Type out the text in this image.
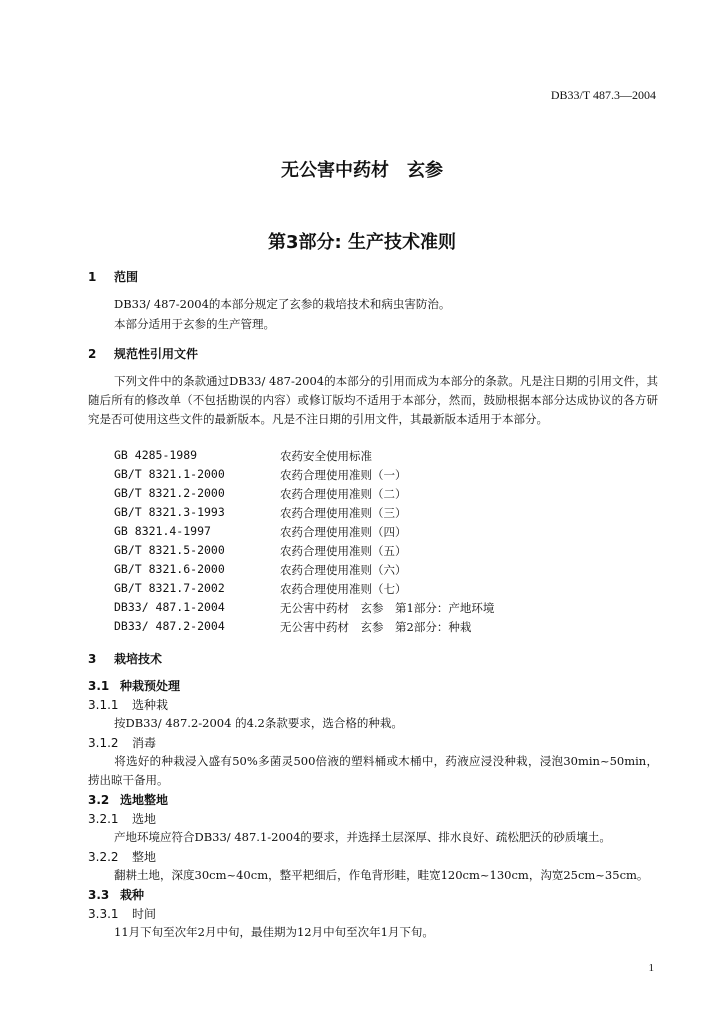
DB33/T 487.3—2004
无公害中药材　玄参
第3部分: 生产技术准则
1 范围
DB33/ 487-2004的本部分规定了玄参的栽培技术和病虫害防治。
本部分适用于玄参的生产管理。
2 规范性引用文件
下列文件中的条款通过DB33/ 487-2004的本部分的引用而成为本部分的条款。凡是注日期的引用文件，其随后所有的修改单（不包括勘误的内容）或修订版均不适用于本部分，然而，鼓励根据本部分达成协议的各方研究是否可使用这些文件的最新版本。凡是不注日期的引用文件，其最新版本适用于本部分。
GB 4285-1989	农药安全使用标准
GB/T 8321.1-2000	农药合理使用准则（一）
GB/T 8321.2-2000	农药合理使用准则（二）
GB/T 8321.3-1993	农药合理使用准则（三）
GB 8321.4-1997	农药合理使用准则（四）
GB/T 8321.5-2000	农药合理使用准则（五）
GB/T 8321.6-2000	农药合理使用准则（六）
GB/T 8321.7-2002	农药合理使用准则（七）
DB33/ 487.1-2004	无公害中药材　玄参　第1部分：产地环境
DB33/ 487.2-2004	无公害中药材　玄参　第2部分：种栽
3 栽培技术
3.1 种栽预处理
3.1.1 选种栽
按DB33/ 487.2-2004 的4.2条款要求，选合格的种栽。
3.1.2 消毒
将选好的种栽浸入盛有50%多菌灵500倍液的塑料桶或木桶中，药液应浸没种栽，浸泡30min~50min，捞出晾干备用。
3.2 选地整地
3.2.1 选地
产地环境应符合DB33/ 487.1-2004的要求，并选择土层深厚、排水良好、疏松肥沃的砂质壤土。
3.2.2 整地
翻耕土地，深度30cm~40cm，整平耙细后，作龟背形畦，畦宽120cm~130cm，沟宽25cm~35cm。
3.3 栽种
3.3.1 时间
11月下旬至次年2月中旬，最佳期为12月中旬至次年1月下旬。
1
